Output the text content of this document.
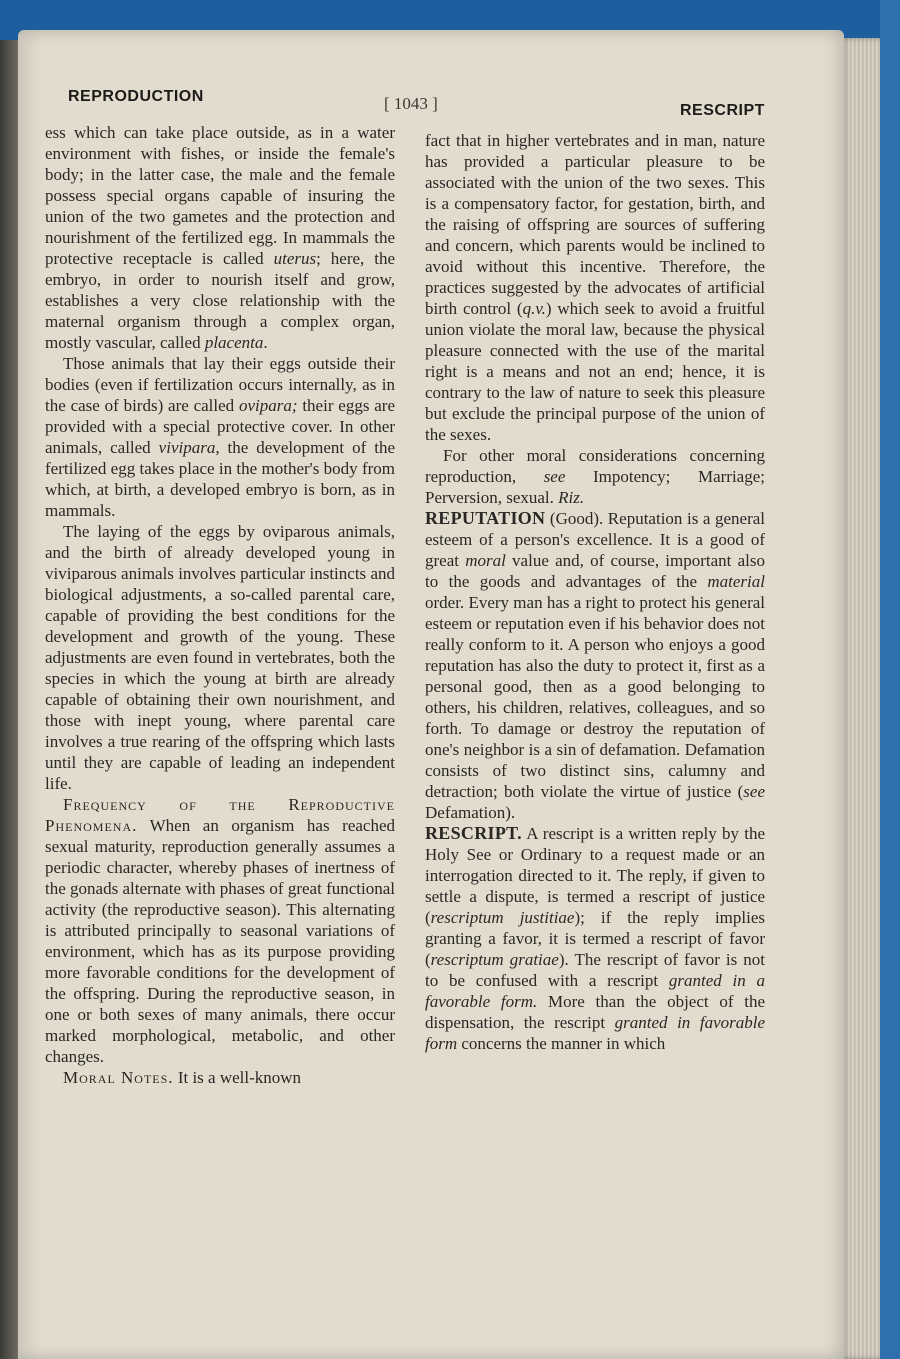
REPRODUCTION	[ 1043 ]	RESCRIPT

ess which can take place outside, as in a water environment with fishes, or inside the female's body; in the latter case, the male and the female possess special organs capable of insuring the union of the two gametes and the protection and nourishment of the fertilized egg. In mammals the protective receptacle is called uterus; here, the embryo, in order to nourish itself and grow, establishes a very close relationship with the maternal organism through a complex organ, mostly vascular, called placenta.

Those animals that lay their eggs outside their bodies (even if fertilization occurs internally, as in the case of birds) are called ovipara; their eggs are provided with a special protective cover. In other animals, called vivipara, the development of the fertilized egg takes place in the mother's body from which, at birth, a developed embryo is born, as in mammals.

The laying of the eggs by oviparous animals, and the birth of already developed young in viviparous animals involves particular instincts and biological adjustments, a so-called parental care, capable of providing the best conditions for the development and growth of the young. These adjustments are even found in vertebrates, both the species in which the young at birth are already capable of obtaining their own nourishment, and those with inept young, where parental care involves a true rearing of the offspring which lasts until they are capable of leading an independent life.

Frequency of the Reproductive Phenomena. When an organism has reached sexual maturity, reproduction generally assumes a periodic character, whereby phases of inertness of the gonads alternate with phases of great functional activity (the reproductive season). This alternating is attributed principally to seasonal variations of environment, which has as its purpose providing more favorable conditions for the development of the offspring. During the reproductive season, in one or both sexes of many animals, there occur marked morphological, metabolic, and other changes.

Moral Notes. It is a well-known

fact that in higher vertebrates and in man, nature has provided a particular pleasure to be associated with the union of the two sexes. This is a compensatory factor, for gestation, birth, and the raising of offspring are sources of suffering and concern, which parents would be inclined to avoid without this incentive. Therefore, the practices suggested by the advocates of artificial birth control (q.v.) which seek to avoid a fruitful union violate the moral law, because the physical pleasure connected with the use of the marital right is a means and not an end; hence, it is contrary to the law of nature to seek this pleasure but exclude the principal purpose of the union of the sexes.

For other moral considerations concerning reproduction, see Impotency; Marriage; Perversion, sexual. Riz.

REPUTATION (Good). Reputation is a general esteem of a person's excellence. It is a good of great moral value and, of course, important also to the goods and advantages of the material order. Every man has a right to protect his general esteem or reputation even if his behavior does not really conform to it. A person who enjoys a good reputation has also the duty to protect it, first as a personal good, then as a good belonging to others, his children, relatives, colleagues, and so forth. To damage or destroy the reputation of one's neighbor is a sin of defamation. Defamation consists of two distinct sins, calumny and detraction; both violate the virtue of justice (see Defamation).

RESCRIPT. A rescript is a written reply by the Holy See or Ordinary to a request made or an interrogation directed to it. The reply, if given to settle a dispute, is termed a rescript of justice (rescriptum justitiae); if the reply implies granting a favor, it is termed a rescript of favor (rescriptum gratiae). The rescript of favor is not to be confused with a rescript granted in a favorable form. More than the object of the dispensation, the rescript granted in favorable form concerns the manner in which
